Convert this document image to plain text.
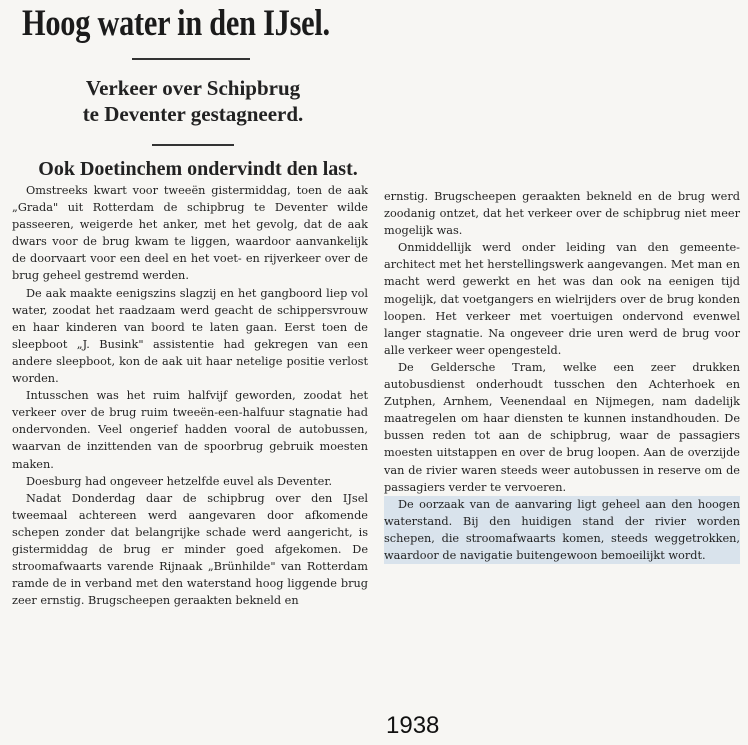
Hoog water in den IJsel.
Verkeer over Schipbrug
te Deventer gestagneerd.
Ook Doetinchem ondervindt den last.

Omstreeks kwart voor tweeën gistermiddag, toen de aak „Grada" uit Rotterdam de schipbrug te Deventer wilde passeeren, weigerde het anker, met het gevolg, dat de aak dwars voor de brug kwam te liggen, waardoor aanvankelijk de doorvaart voor een deel en het voet- en rijverkeer over de brug geheel gestremd werden.

De aak maakte eenigszins slagzij en het gangboord liep vol water, zoodat het raadzaam werd geacht de schippersvrouw en haar kinderen van boord te laten gaan. Eerst toen de sleepboot „J. Busink" assistentie had gekregen van een andere sleepboot, kon de aak uit haar netelige positie verlost worden.

Intusschen was het ruim halfvijf geworden, zoodat het verkeer over de brug ruim tweeën-een-halfuur stagnatie had ondervonden. Veel ongerief hadden vooral de autobussen, waarvan de inzittenden van de spoorbrug gebruik moesten maken.

Doesburg had ongeveer hetzelfde euvel als Deventer.

Nadat Donderdag daar de schipbrug over den IJsel tweemaal achtereen werd aangevaren door afkomende schepen zonder dat belangrijke schade werd aangericht, is gistermiddag de brug er minder goed afgekomen. De stroomafwaarts varende Rijnaak „Brünhilde" van Rotterdam ramde de in verband met den waterstand hoog liggende brug zeer ernstig. Brugscheepen geraakten bekneld en

ernstig. Brugscheepen geraakten bekneld en de brug werd zoodanig ontzet, dat het verkeer over de schipbrug niet meer mogelijk was.

Onmiddellijk werd onder leiding van den gemeente-architect met het herstellingswerk aangevangen. Met man en macht werd gewerkt en het was dan ook na eenigen tijd mogelijk, dat voetgangers en wielrijders over de brug konden loopen. Het verkeer met voertuigen ondervond evenwel langer stagnatie. Na ongeveer drie uren werd de brug voor alle verkeer weer opengesteld.

De Geldersche Tram, welke een zeer drukken autobusdienst onderhoudt tusschen den Achterhoek en Zutphen, Arnhem, Veenendaal en Nijmegen, nam dadelijk maatregelen om haar diensten te kunnen instandhouden. De bussen reden tot aan de schipbrug, waar de passagiers moesten uitstappen en over de brug loopen. Aan de overzijde van de rivier waren steeds weer autobussen in reserve om de passagiers verder te vervoeren.

De oorzaak van de aanvaring ligt geheel aan den hoogen waterstand. Bij den huidigen stand der rivier worden schepen, die stroomafwaarts komen, steeds weggetrokken, waardoor de navigatie buitengewoon bemoeilijkt wordt.

1938
